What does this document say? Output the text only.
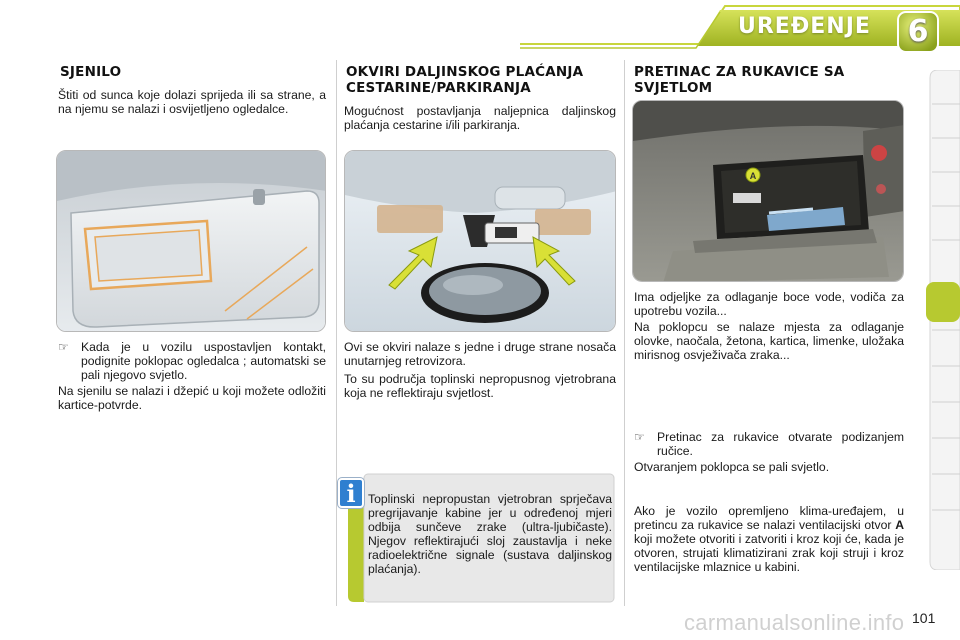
UREĐENJE	6
SJENILO
Štiti od sunca koje dolazi sprijeda ili sa strane, a na njemu se nalazi i osvijetljeno ogledalce.
☞ Kada je u vozilu uspostavljen kontakt, podignite poklopac ogledalca ; automatski se pali njegovo svjetlo.
Na sjenilu se nalazi i džepić u koji možete odložiti kartice-potvrde.
OKVIRI DALJINSKOG PLAĆANJA CESTARINE/PARKIRANJA
Mogućnost postavljanja naljepnica daljinskog plaćanja cestarine i/ili parkiranja.
Ovi se okviri nalaze s jedne i druge strane nosača unutarnjeg retrovizora.
To su područja toplinski nepropusnog vjetrobrana koja ne reflektiraju svjetlost.
i	Toplinski nepropustan vjetrobran sprječava pregrijavanje kabine jer u određenoj mjeri odbija sunčeve zrake (ultra-ljubičaste). Njegov reflektirajući sloj zaustavlja i neke radioelektrične signale (sustava daljinskog plaćanja).
PRETINAC ZA RUKAVICE SA SVJETLOM
A
Ima odjeljke za odlaganje boce vode, vodiča za upotrebu vozila...
Na poklopcu se nalaze mjesta za odlaganje olovke, naočala, žetona, kartica, limenke, uložaka mirisnog osvježivača zraka...
☞ Pretinac za rukavice otvarate podizanjem ručice.
Otvaranjem poklopca se pali svjetlo.
Ako je vozilo opremljeno klima-uređajem, u pretincu za rukavice se nalazi ventilacijski otvor A koji možete otvoriti i zatvoriti i kroz koji će, kada je otvoren, strujati klimatizirani zrak koji struji i kroz ventilacijske mlaznice u kabini.
carmanualsonline.info 101
